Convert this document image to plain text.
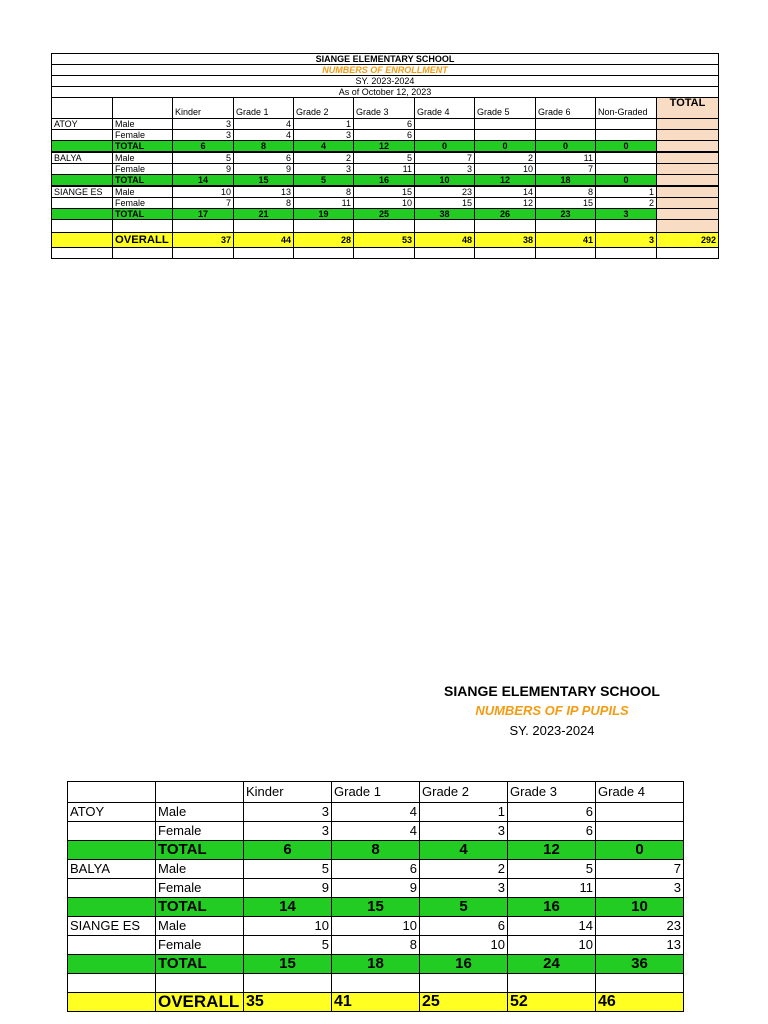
SIANGE ELEMENTARY SCHOOL										
NUMBERS OF ENROLLMENT										
SY. 2023-2024										
As of October 12, 2023										
		Kinder	Grade 1	Grade 2	Grade 3	Grade 4	Grade 5	Grade 6	Non-Graded	TOTAL
ATOY	Male	3	4	1	6					
	Female	3	4	3	6					
	TOTAL	6	8	4	12	0	0	0	0	
BALYA	Male	5	6	2	5	7	2	11		
	Female	9	9	3	11	3	10	7		
	TOTAL	14	15	5	16	10	12	18	0	
SIANGE ES	Male	10	13	8	15	23	14	8	1	
	Female	7	8	11	10	15	12	15	2	
	TOTAL	17	21	19	25	38	26	23	3	

	OVERALL	37	44	28	53	48	38	41	3	292

SIANGE ELEMENTARY SCHOOL
NUMBERS OF IP PUPILS
SY. 2023-2024
		Kinder	Grade 1	Grade 2	Grade 3	Grade 4
ATOY	Male	3	4	1	6	
	Female	3	4	3	6	
	TOTAL	6	8	4	12	0
BALYA	Male	5	6	2	5	7
	Female	9	9	3	11	3
	TOTAL	14	15	5	16	10
SIANGE ES	Male	10	10	6	14	23
	Female	5	8	10	10	13
	TOTAL	15	18	16	24	36

	OVERALL	35	41	25	52	46
